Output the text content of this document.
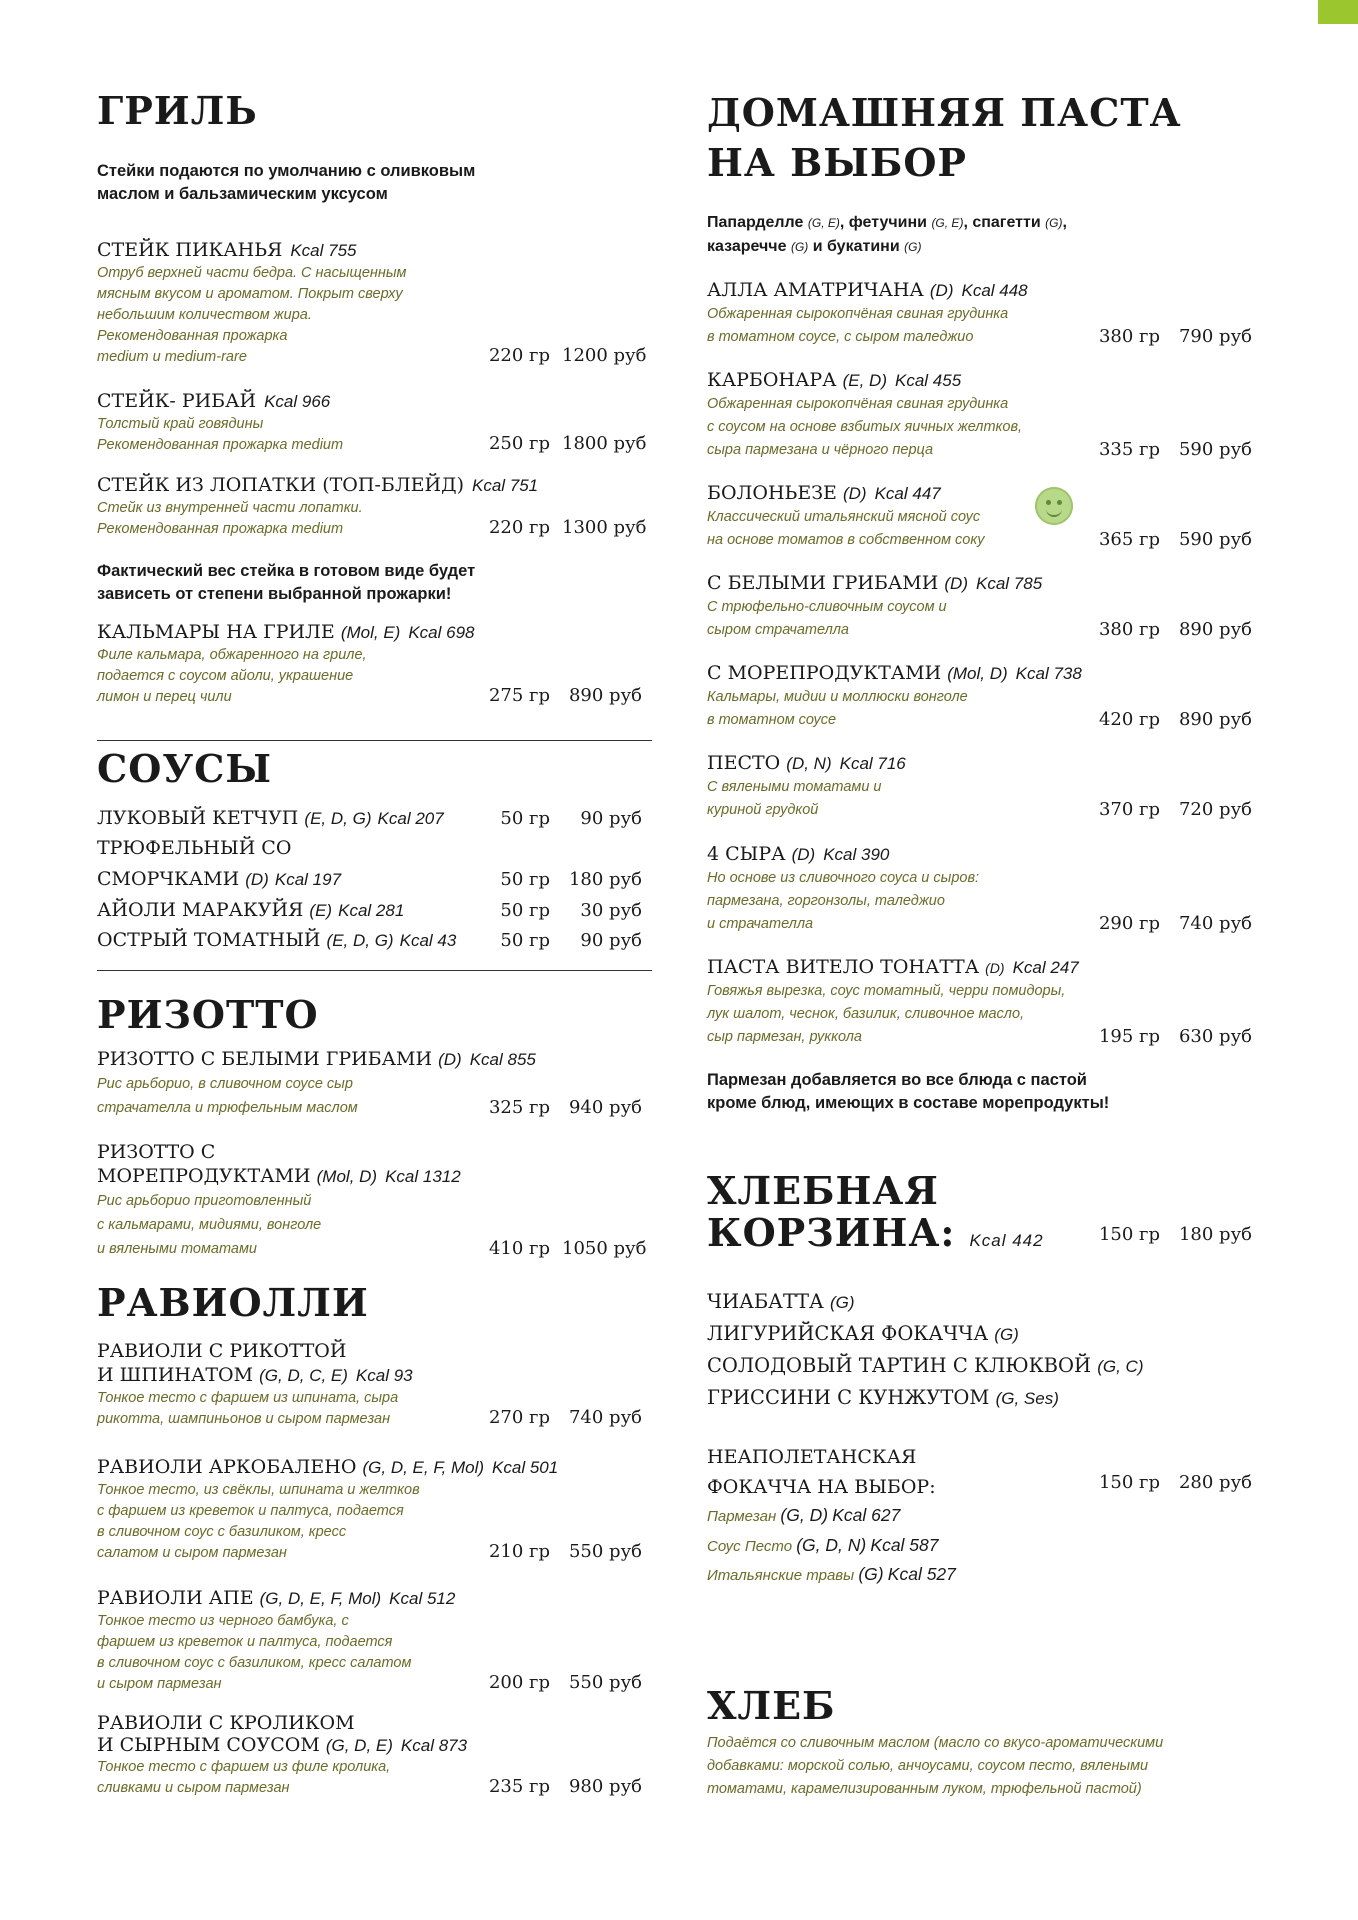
ГРИЛЬ
Стейки подаются по умолчанию с оливковым
маслом и бальзамическим уксусом
СТЕЙК ПИКАНЬЯ Kcal 755
Отруб верхней части бедра. С насыщенным
мясным вкусом и ароматом. Покрыт сверху
небольшим количеством жира.
Рекомендованная прожарка
medium и medium-rare	220 гр 1200 руб
СТЕЙК- РИБАЙ Kcal 966
Толстый край говядины
Рекомендованная прожарка medium	250 гр 1800 руб
СТЕЙК ИЗ ЛОПАТКИ (ТОП-БЛЕЙД) Kcal 751
Стейк из внутренней части лопатки.
Рекомендованная прожарка medium	220 гр 1300 руб
Фактический вес стейка в готовом виде будет
зависеть от степени выбранной прожарки!
КАЛЬМАРЫ НА ГРИЛЕ (Mol, E) Kcal 698
Филе кальмара, обжаренного на гриле,
подается с соусом айоли, украшение
лимон и перец чили	275 гр 890 руб
СОУСЫ
ЛУКОВЫЙ КЕТЧУП (E, D, G) Kcal 207	50 гр 90 руб
ТРЮФЕЛЬНЫЙ СО
СМОРЧКАМИ (D) Kcal 197	50 гр 180 руб
АЙОЛИ МАРАКУЙЯ (E) Kcal 281	50 гр 30 руб
ОСТРЫЙ ТОМАТНЫЙ (E, D, G) Kcal 43	50 гр 90 руб
РИЗОТТО
РИЗОТТО С БЕЛЫМИ ГРИБАМИ (D) Kcal 855
Рис арьборио, в сливочном соусе сыр
страчателла и трюфельным маслом	325 гр 940 руб
РИЗОТТО С
МОРЕПРОДУКТАМИ (Mol, D) Kcal 1312
Рис арьборио приготовленный
с кальмарами, мидиями, вонголе
и вялеными томатами	410 гр 1050 руб
РАВИОЛЛИ
РАВИОЛИ С РИКОТТОЙ
И ШПИНАТОМ (G, D, C, E) Kcal 93
Тонкое тесто с фаршем из шпината, сыра
рикотта, шампиньонов и сыром пармезан	270 гр 740 руб
РАВИОЛИ АРКОБАЛЕНО (G, D, E, F, Mol) Kcal 501
Тонкое тесто, из свёклы, шпината и желтков
с фаршем из креветок и палтуса, подается
в сливочном соус с базиликом, кресс
салатом и сыром пармезан	210 гр 550 руб
РАВИОЛИ АПЕ (G, D, E, F, Mol) Kcal 512
Тонкое тесто из черного бамбука, с
фаршем из креветок и палтуса, подается
в сливочном соус с базиликом, кресс салатом
и сыром пармезан	200 гр 550 руб
РАВИОЛИ С КРОЛИКОМ
И СЫРНЫМ СОУСОМ (G, D, E) Kcal 873
Тонкое тесто с фаршем из филе кролика,
сливками и сыром пармезан	235 гр 980 руб
ДОМАШНЯЯ ПАСТА
НА ВЫБОР
Папарделле (G, E), фетучини (G, E), спагетти (G),
казаречче (G) и букатини (G)
АЛЛА АМАТРИЧАНА (D) Kcal 448
Обжаренная сырокопчёная свиная грудинка
в томатном соусе, с сыром таледжио	380 гр 790 руб
КАРБОНАРА (E, D) Kcal 455
Обжаренная сырокопчёная свиная грудинка
с соусом на основе взбитых яичных желтков,
сыра пармезана и чёрного перца	335 гр 590 руб
БОЛОНЬЕЗЕ (D) Kcal 447
Классический итальянский мясной соус
на основе томатов в собственном соку	365 гр 590 руб
С БЕЛЫМИ ГРИБАМИ (D) Kcal 785
С трюфельно-сливочным соусом и
сыром страчателла	380 гр 890 руб
С МОРЕПРОДУКТАМИ (Mol, D) Kcal 738
Кальмары, мидии и моллюски вонголе
в томатном соусе	420 гр 890 руб
ПЕСТО (D, N) Kcal 716
С вялеными томатами и
куриной грудкой	370 гр 720 руб
4 СЫРА (D) Kcal 390
Но основе из сливочного соуса и сыров:
пармезана, горгонзолы, таледжио
и страчателла	290 гр 740 руб
ПАСТА ВИТЕЛО ТОНАТТА (D) Kcal 247
Говяжья вырезка, соус томатный, черри помидоры,
лук шалот, чеснок, базилик, сливочное масло,
сыр пармезан, руккола	195 гр 630 руб
Пармезан добавляется во все блюда с пастой
кроме блюд, имеющих в составе морепродукты!
ХЛЕБНАЯ
КОРЗИНА: Kcal 442	150 гр 180 руб
ЧИАБАТТА (G)
ЛИГУРИЙСКАЯ ФОКАЧЧА (G)
СОЛОДОВЫЙ ТАРТИН С КЛЮКВОЙ (G, C)
ГРИССИНИ С КУНЖУТОМ (G, Ses)
НЕАПОЛЕТАНСКАЯ
ФОКАЧЧА НА ВЫБОР:	150 гр 280 руб
Пармезан (G, D) Kcal 627
Соус Песто (G, D, N) Kcal 587
Итальянские травы (G) Kcal 527
ХЛЕБ
Подаётся со сливочным маслом (масло со вкусо-ароматическими
добавками: морской солью, анчоусами, соусом песто, вялеными
томатами, карамелизированным луком, трюфельной пастой)
